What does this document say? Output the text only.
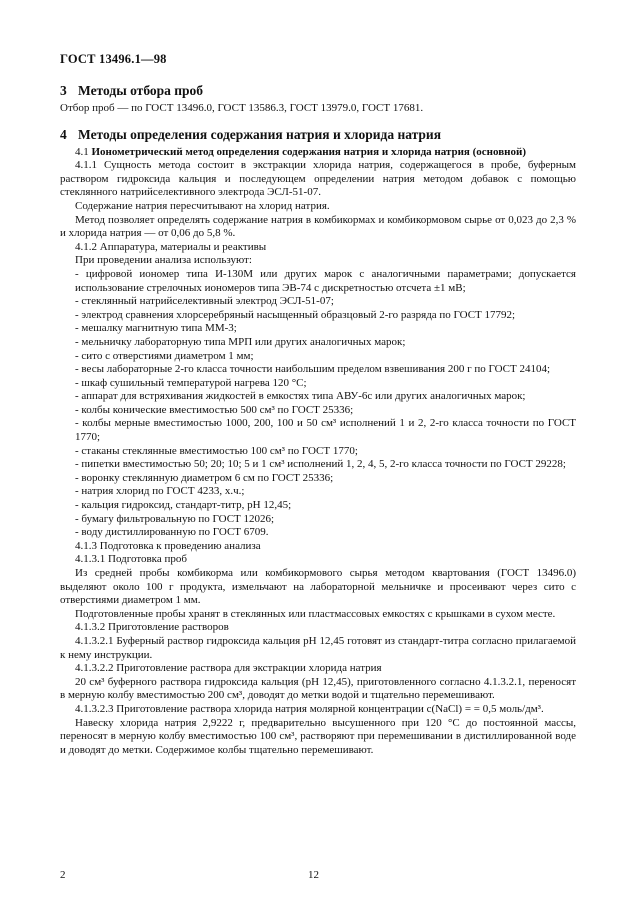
ГОСТ 13496.1—98
3 Методы отбора проб

Отбор проб — по ГОСТ 13496.0, ГОСТ 13586.3, ГОСТ 13979.0, ГОСТ 17681.

4 Методы определения содержания натрия и хлорида натрия

4.1 Ионометрический метод определения содержания натрия и хлорида натрия (основной)

4.1.1 Сущность метода состоит в экстракции хлорида натрия, содержащегося в пробе, буферным раствором гидроксида кальция и последующем определении натрия методом добавок с помощью стеклянного натрийселективного электрода ЭСЛ-51-07.

Содержание натрия пересчитывают на хлорид натрия.

Метод позволяет определять содержание натрия в комбикормах и комбикормовом сырье от 0,023 до 2,3 % и хлорида натрия — от 0,06 до 5,8 %.

4.1.2 Аппаратура, материалы и реактивы

При проведении анализа используют:

- цифровой иономер типа И-130М или других марок с аналогичными параметрами; допускается использование стрелочных иономеров типа ЭВ-74 с дискретностью отсчета ±1 мВ;

- стеклянный натрийселективный электрод ЭСЛ-51-07;

- электрод сравнения хлорсеребряный насыщенный образцовый 2-го разряда по ГОСТ 17792;

- мешалку магнитную типа ММ-3;

- мельничку лабораторную типа МРП или других аналогичных марок;

- сито с отверстиями диаметром 1 мм;

- весы лабораторные 2-го класса точности наибольшим пределом взвешивания 200 г по ГОСТ 24104;

- шкаф сушильный температурой нагрева 120 °С;

- аппарат для встряхивания жидкостей в емкостях типа АВУ-6с или других аналогичных марок;

- колбы конические вместимостью 500 см³ по ГОСТ 25336;

- колбы мерные вместимостью 1000, 200, 100 и 50 см³ исполнений 1 и 2, 2-го класса точности по ГОСТ 1770;

- стаканы стеклянные вместимостью 100 см³ по ГОСТ 1770;

- пипетки вместимостью 50; 20; 10; 5 и 1 см³ исполнений 1, 2, 4, 5, 2-го класса точности по ГОСТ 29228;

- воронку стеклянную диаметром 6 см по ГОСТ 25336;

- натрия хлорид по ГОСТ 4233, х.ч.;

- кальция гидроксид, стандарт-титр, рН 12,45;

- бумагу фильтровальную по ГОСТ 12026;

- воду дистиллированную по ГОСТ 6709.

4.1.3 Подготовка к проведению анализа

4.1.3.1 Подготовка проб

Из средней пробы комбикорма или комбикормового сырья методом квартования (ГОСТ 13496.0) выделяют около 100 г продукта, измельчают на лабораторной мельничке и просеивают через сито с отверстиями диаметром 1 мм.

Подготовленные пробы хранят в стеклянных или пластмассовых емкостях с крышками в сухом месте.

4.1.3.2 Приготовление растворов

4.1.3.2.1 Буферный раствор гидроксида кальция рН 12,45 готовят из стандарт-титра согласно прилагаемой к нему инструкции.

4.1.3.2.2 Приготовление раствора для экстракции хлорида натрия

20 см³ буферного раствора гидроксида кальция (рН 12,45), приготовленного согласно 4.1.3.2.1, переносят в мерную колбу вместимостью 200 см³, доводят до метки водой и тщательно перемешивают.

4.1.3.2.3 Приготовление раствора хлорида натрия молярной концентрации с(NaCl) = = 0,5 моль/дм³.

Навеску хлорида натрия 2,9222 г, предварительно высушенного при 120 °С до постоянной массы, переносят в мерную колбу вместимостью 100 см³, растворяют при перемешивании в дистиллированной воде и доводят до метки. Содержимое колбы тщательно перемешивают.

2	12
